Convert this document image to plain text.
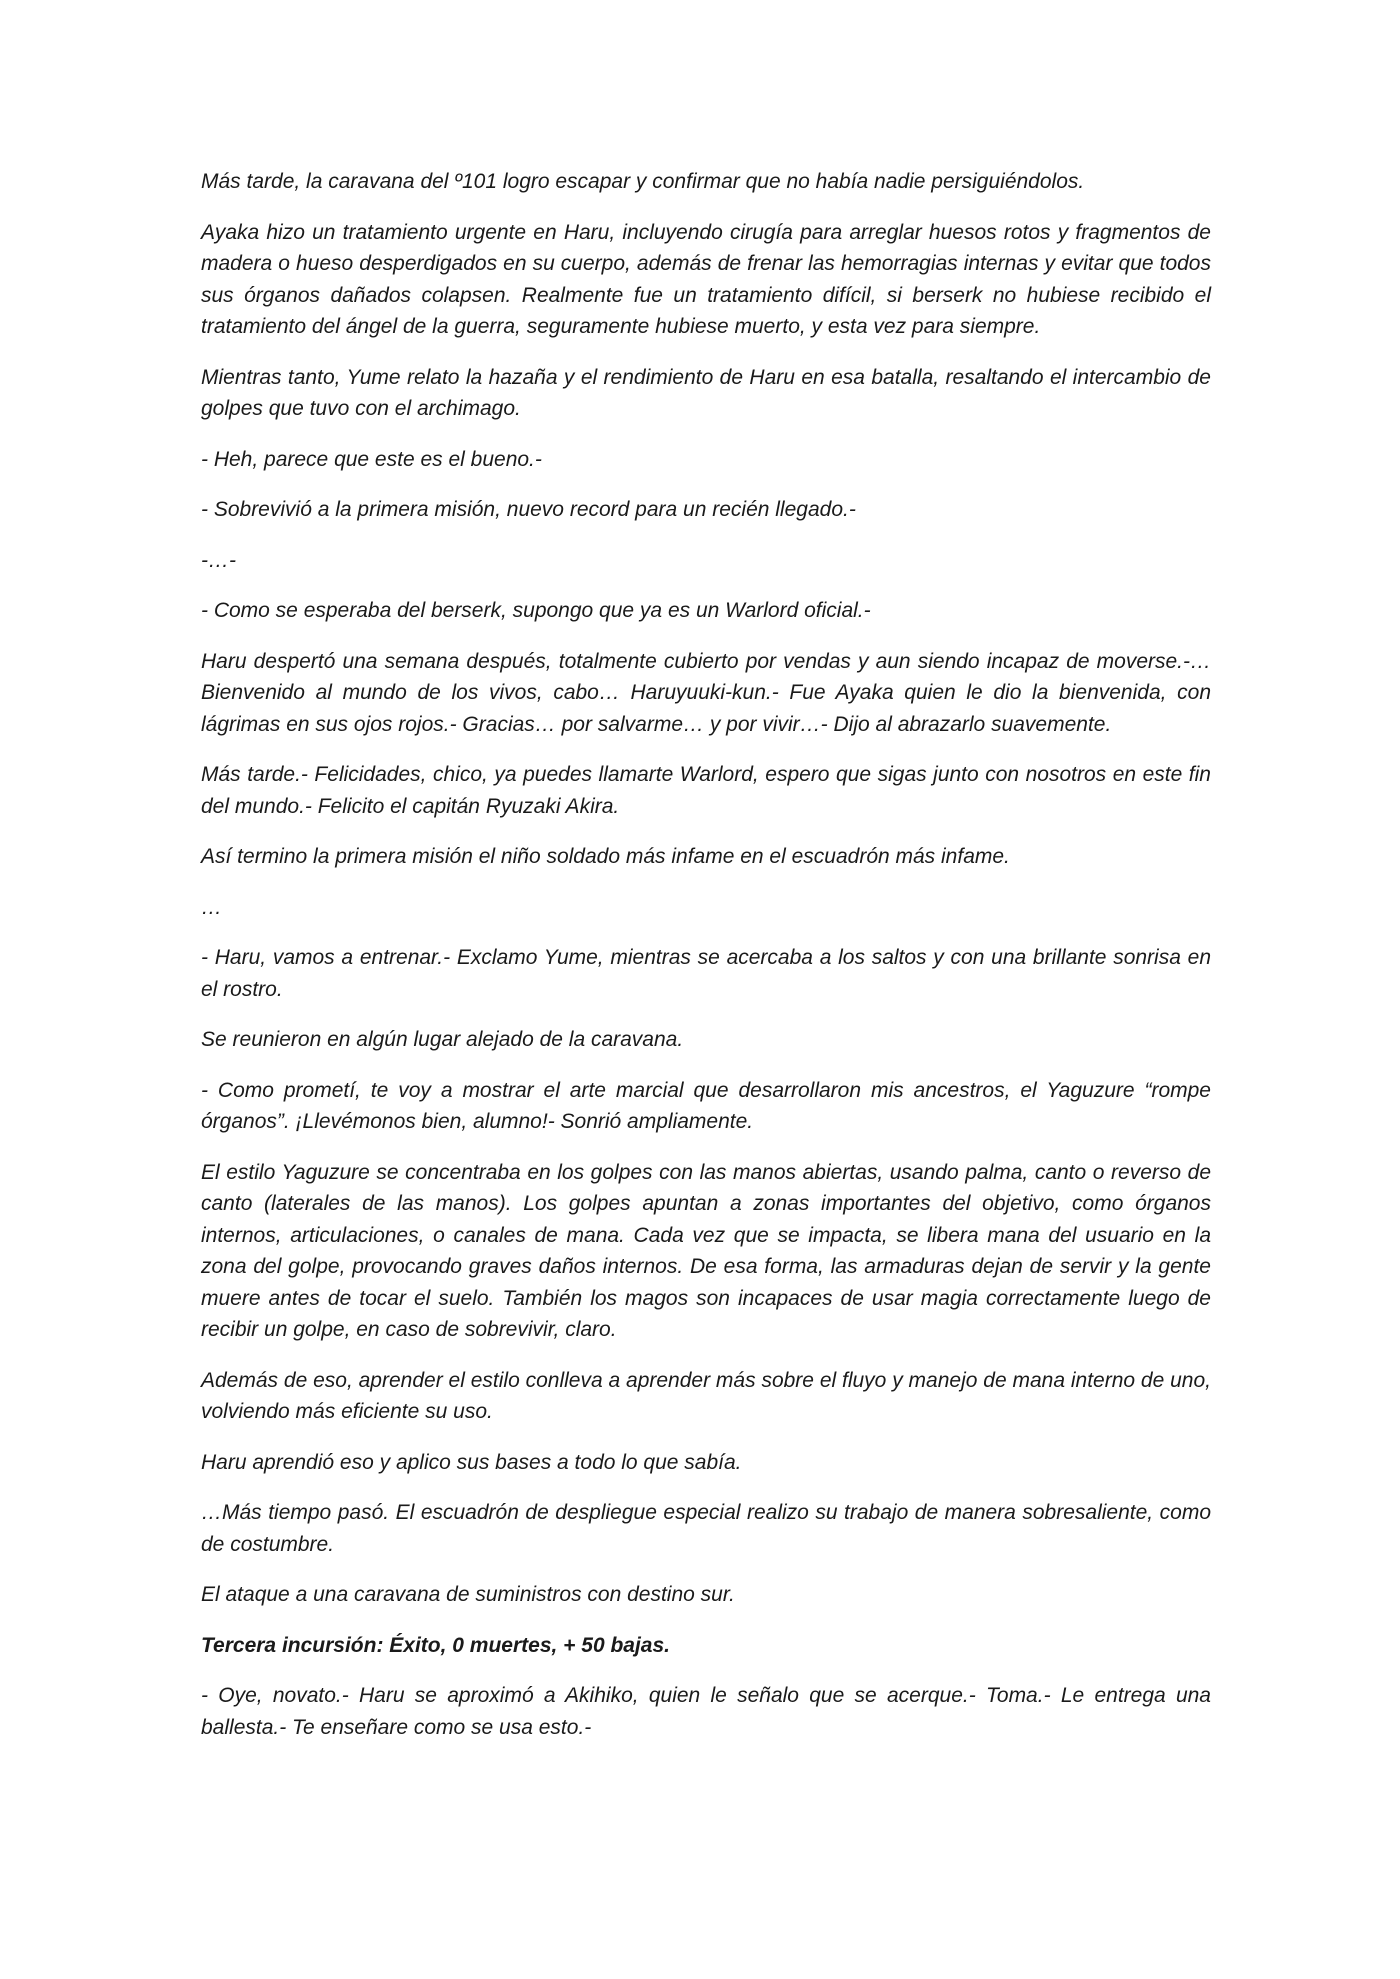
Más tarde, la caravana del º101 logro escapar y confirmar que no había nadie persiguiéndolos.

Ayaka hizo un tratamiento urgente en Haru, incluyendo cirugía para arreglar huesos rotos y fragmentos de madera o hueso desperdigados en su cuerpo, además de frenar las hemorragias internas y evitar que todos sus órganos dañados colapsen. Realmente fue un tratamiento difícil, si berserk no hubiese recibido el tratamiento del ángel de la guerra, seguramente hubiese muerto, y esta vez para siempre.

Mientras tanto, Yume relato la hazaña y el rendimiento de Haru en esa batalla, resaltando el intercambio de golpes que tuvo con el archimago.

- Heh, parece que este es el bueno.-

- Sobrevivió a la primera misión, nuevo record para un recién llegado.-

-…-

- Como se esperaba del berserk, supongo que ya es un Warlord oficial.-

Haru despertó una semana después, totalmente cubierto por vendas y aun siendo incapaz de moverse.-… Bienvenido al mundo de los vivos, cabo… Haruyuuki-kun.- Fue Ayaka quien le dio la bienvenida, con lágrimas en sus ojos rojos.- Gracias… por salvarme… y por vivir…- Dijo al abrazarlo suavemente.

Más tarde.- Felicidades, chico, ya puedes llamarte Warlord, espero que sigas junto con nosotros en este fin del mundo.- Felicito el capitán Ryuzaki Akira.

Así termino la primera misión el niño soldado más infame en el escuadrón más infame.

…

- Haru, vamos a entrenar.- Exclamo Yume, mientras se acercaba a los saltos y con una brillante sonrisa en el rostro.

Se reunieron en algún lugar alejado de la caravana.

- Como prometí, te voy a mostrar el arte marcial que desarrollaron mis ancestros, el Yaguzure “rompe órganos”. ¡Llevémonos bien, alumno!- Sonrió ampliamente.

El estilo Yaguzure se concentraba en los golpes con las manos abiertas, usando palma, canto o reverso de canto (laterales de las manos). Los golpes apuntan a zonas importantes del objetivo, como órganos internos, articulaciones, o canales de mana. Cada vez que se impacta, se libera mana del usuario en la zona del golpe, provocando graves daños internos. De esa forma, las armaduras dejan de servir y la gente muere antes de tocar el suelo. También los magos son incapaces de usar magia correctamente luego de recibir un golpe, en caso de sobrevivir, claro.

Además de eso, aprender el estilo conlleva a aprender más sobre el fluyo y manejo de mana interno de uno, volviendo más eficiente su uso.

Haru aprendió eso y aplico sus bases a todo lo que sabía.

…Más tiempo pasó. El escuadrón de despliegue especial realizo su trabajo de manera sobresaliente, como de costumbre.

El ataque a una caravana de suministros con destino sur.

Tercera incursión: Éxito, 0 muertes, + 50 bajas.

- Oye, novato.- Haru se aproximó a Akihiko, quien le señalo que se acerque.- Toma.- Le entrega una ballesta.- Te enseñare como se usa esto.-
